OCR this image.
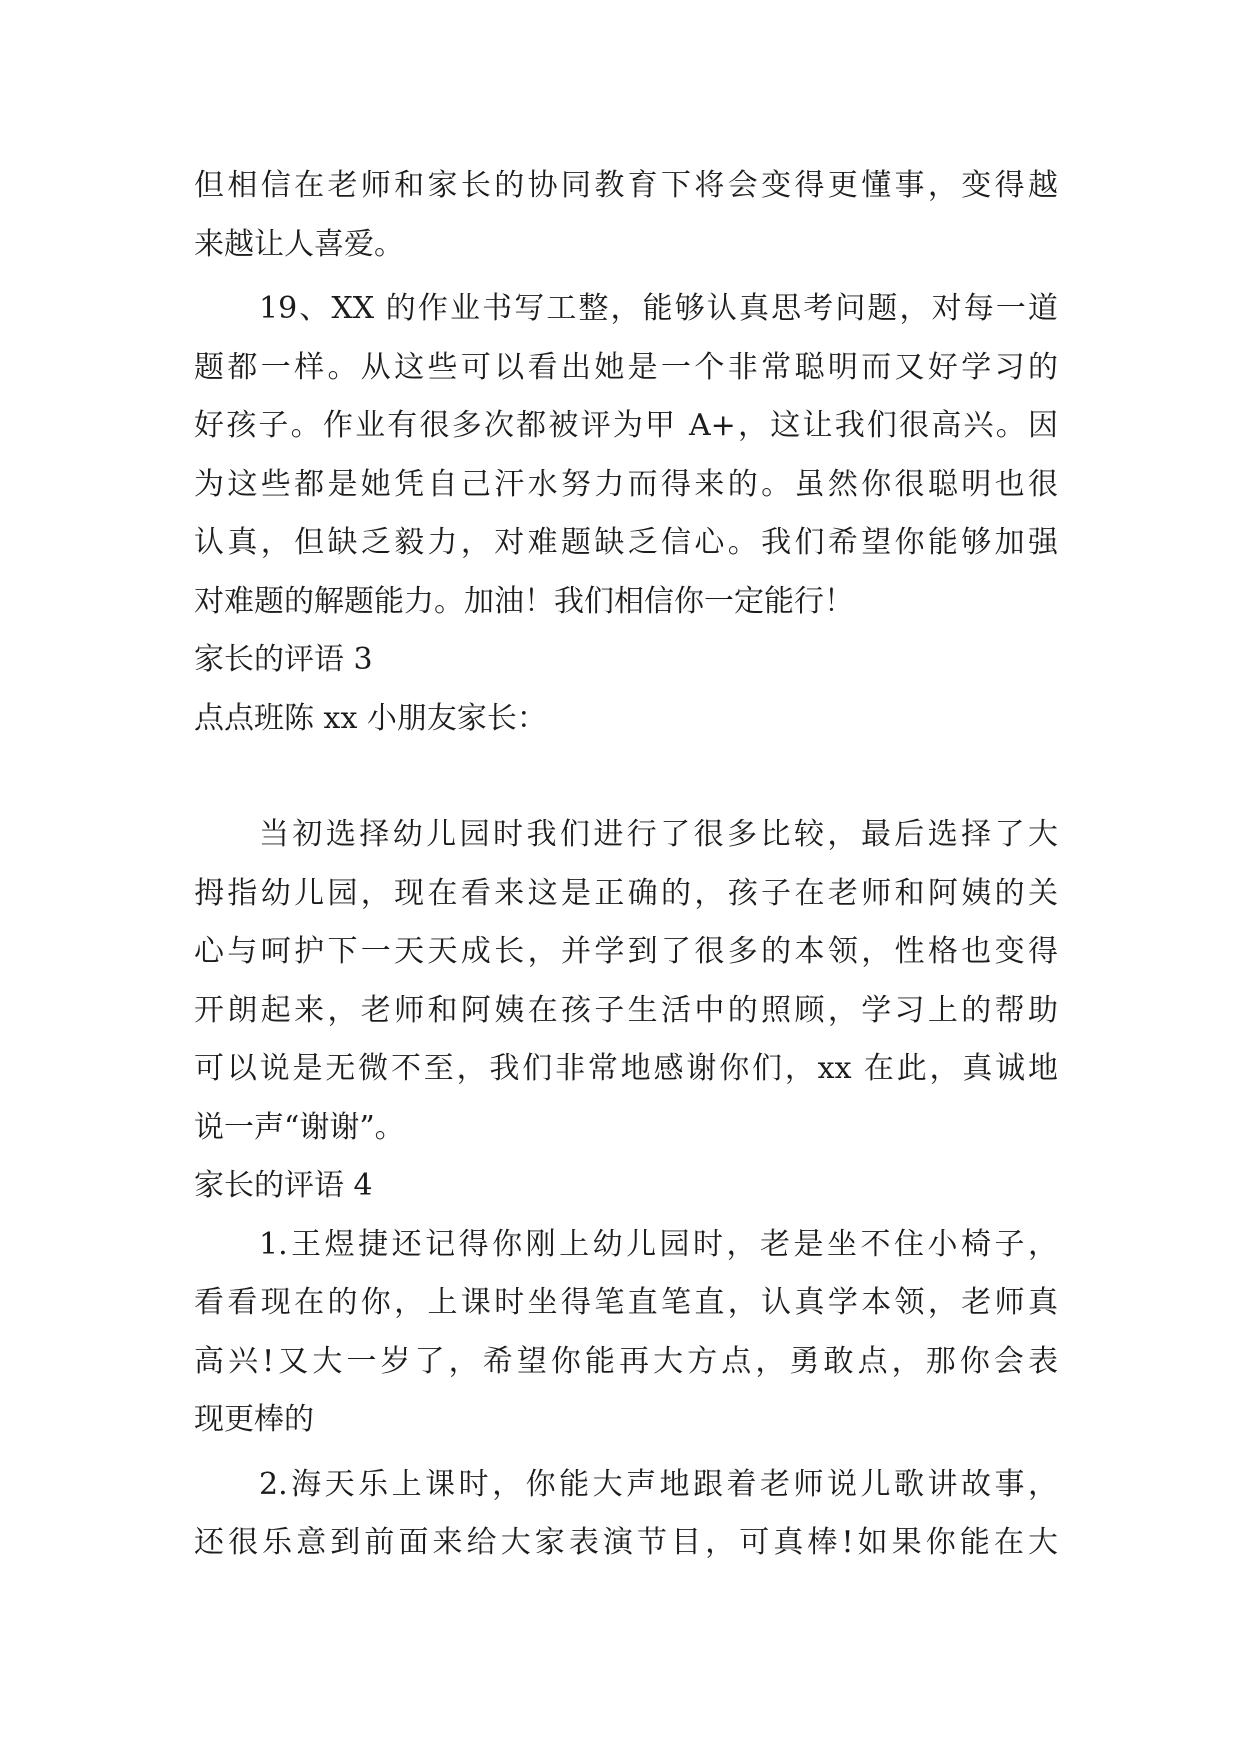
但相信在老师和家长的协同教育下将会变得更懂事，变得越
来越让人喜爱。
19、XX 的作业书写工整，能够认真思考问题，对每一道
题都一样。从这些可以看出她是一个非常聪明而又好学习的
好孩子。作业有很多次都被评为甲 A+，这让我们很高兴。因
为这些都是她凭自己汗水努力而得来的。虽然你很聪明也很
认真，但缺乏毅力，对难题缺乏信心。我们希望你能够加强
对难题的解题能力。加油！我们相信你一定能行！
家长的评语 3
点点班陈 xx 小朋友家长：
当初选择幼儿园时我们进行了很多比较，最后选择了大
拇指幼儿园，现在看来这是正确的，孩子在老师和阿姨的关
心与呵护下一天天成长，并学到了很多的本领，性格也变得
开朗起来，老师和阿姨在孩子生活中的照顾，学习上的帮助
可以说是无微不至，我们非常地感谢你们，xx 在此，真诚地
说一声“谢谢”。
家长的评语 4
1.王煜捷还记得你刚上幼儿园时，老是坐不住小椅子，
看看现在的你，上课时坐得笔直笔直，认真学本领，老师真
高兴!又大一岁了，希望你能再大方点，勇敢点，那你会表
现更棒的
2.海天乐上课时，你能大声地跟着老师说儿歌讲故事，
还很乐意到前面来给大家表演节目，可真棒!如果你能在大
